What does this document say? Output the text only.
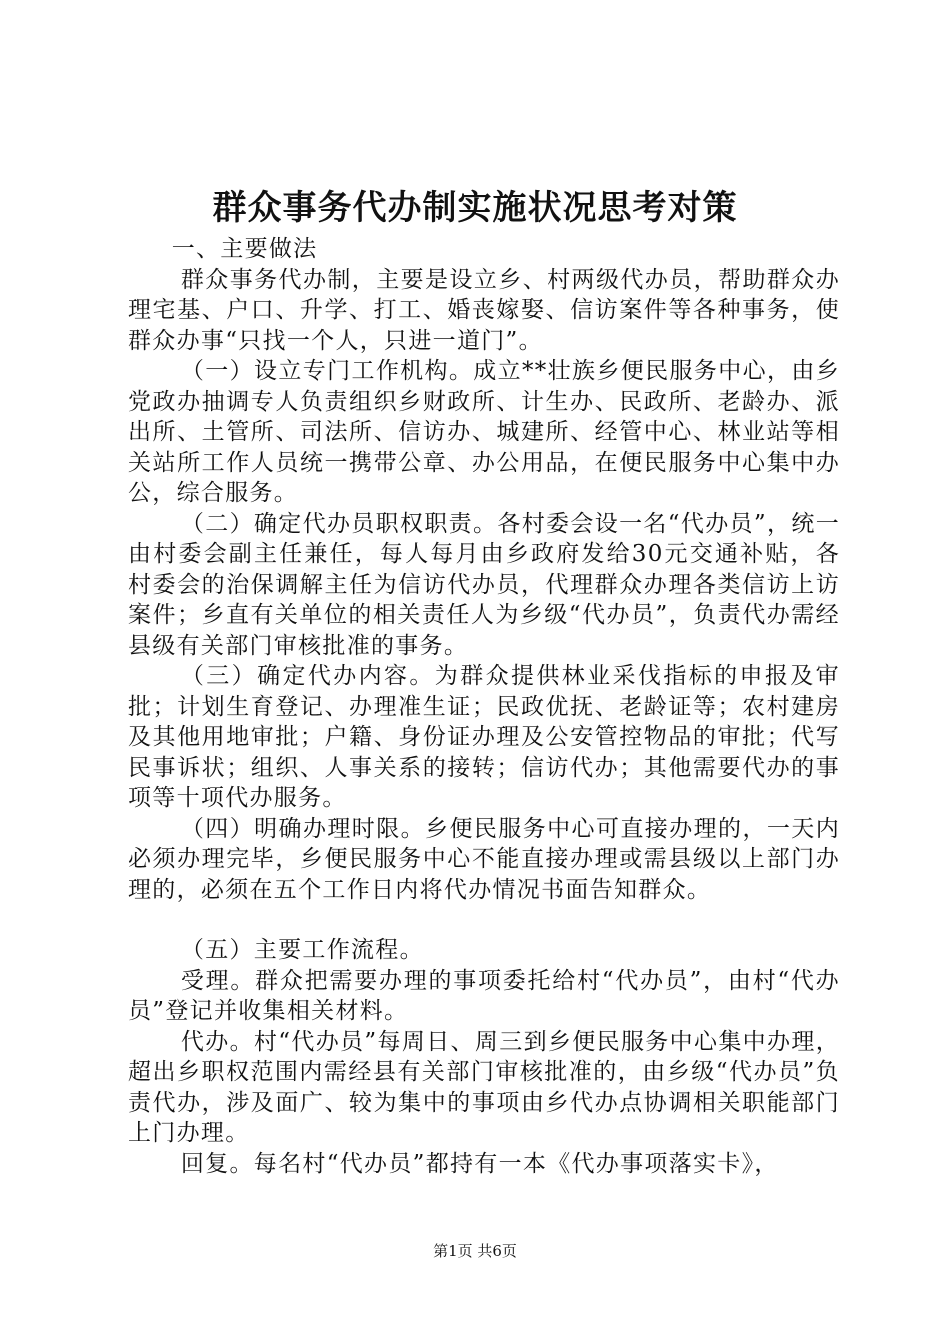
群众事务代办制实施状况思考对策

一、主要做法

群众事务代办制，主要是设立乡、村两级代办员，帮助群众办理宅基、户口、升学、打工、婚丧嫁娶、信访案件等各种事务，使群众办事“只找一个人，只进一道门”。

（一）设立专门工作机构。成立**壮族乡便民服务中心，由乡党政办抽调专人负责组织乡财政所、计生办、民政所、老龄办、派出所、土管所、司法所、信访办、城建所、经管中心、林业站等相关站所工作人员统一携带公章、办公用品，在便民服务中心集中办公，综合服务。

（二）确定代办员职权职责。各村委会设一名“代办员”，统一由村委会副主任兼任，每人每月由乡政府发给30元交通补贴，各村委会的治保调解主任为信访代办员，代理群众办理各类信访上访案件；乡直有关单位的相关责任人为乡级“代办员”，负责代办需经县级有关部门审核批准的事务。

（三）确定代办内容。为群众提供林业采伐指标的申报及审批；计划生育登记、办理准生证；民政优抚、老龄证等；农村建房及其他用地审批；户籍、身份证办理及公安管控物品的审批；代写民事诉状；组织、人事关系的接转；信访代办；其他需要代办的事项等十项代办服务。

（四）明确办理时限。乡便民服务中心可直接办理的，一天内必须办理完毕，乡便民服务中心不能直接办理或需县级以上部门办理的，必须在五个工作日内将代办情况书面告知群众。

（五）主要工作流程。

受理。群众把需要办理的事项委托给村“代办员”，由村“代办员”登记并收集相关材料。

代办。村“代办员”每周日、周三到乡便民服务中心集中办理，超出乡职权范围内需经县有关部门审核批准的，由乡级“代办员”负责代办，涉及面广、较为集中的事项由乡代办点协调相关职能部门上门办理。

回复。每名村“代办员”都持有一本《代办事项落实卡》，

第1页 共6页
